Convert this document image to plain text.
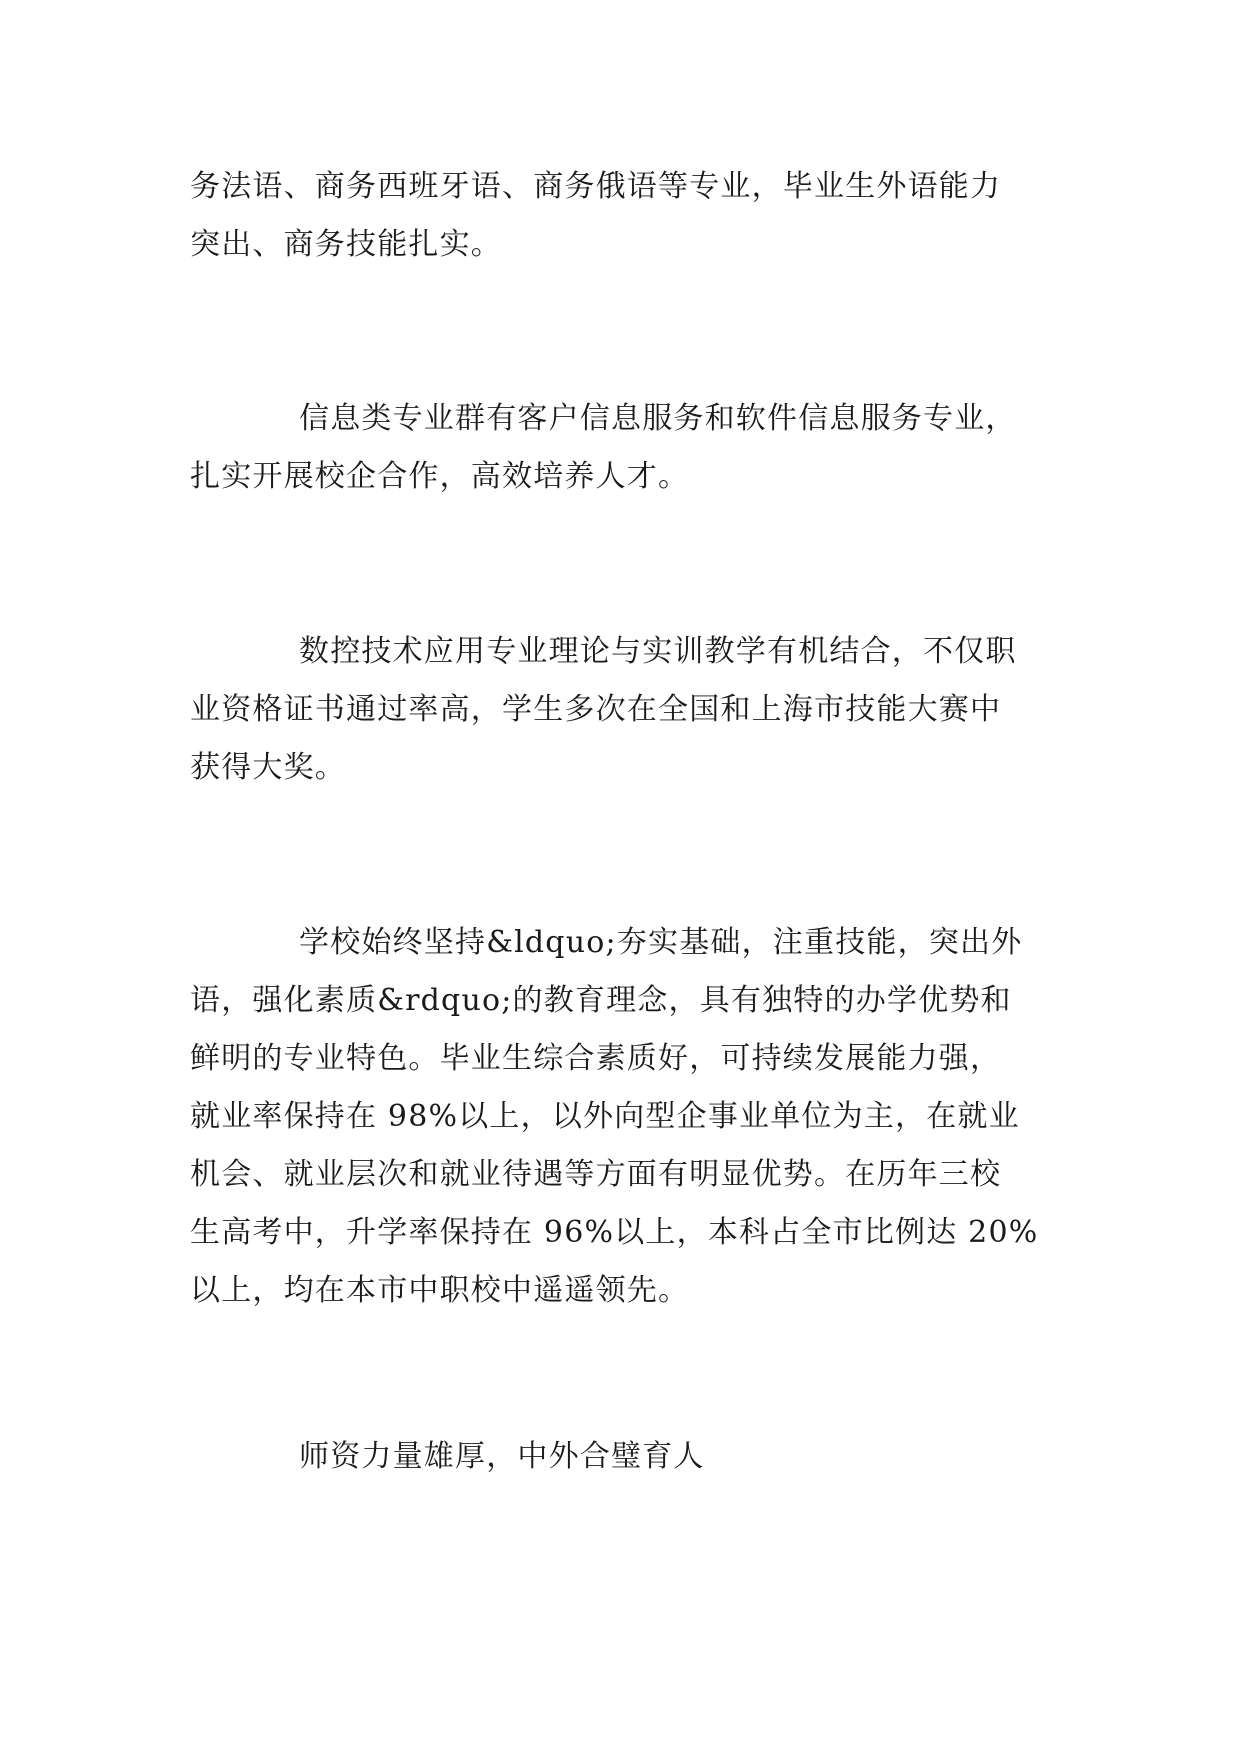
务法语、商务西班牙语、商务俄语等专业，毕业生外语能力
突出、商务技能扎实。
信息类专业群有客户信息服务和软件信息服务专业，
扎实开展校企合作，高效培养人才。
数控技术应用专业理论与实训教学有机结合，不仅职
业资格证书通过率高，学生多次在全国和上海市技能大赛中
获得大奖。
学校始终坚持&ldquo;夯实基础，注重技能，突出外
语，强化素质&rdquo;的教育理念，具有独特的办学优势和
鲜明的专业特色。毕业生综合素质好，可持续发展能力强，
就业率保持在 98%以上，以外向型企事业单位为主，在就业
机会、就业层次和就业待遇等方面有明显优势。在历年三校
生高考中，升学率保持在 96%以上，本科占全市比例达 20%
以上，均在本市中职校中遥遥领先。
师资力量雄厚，中外合璧育人
